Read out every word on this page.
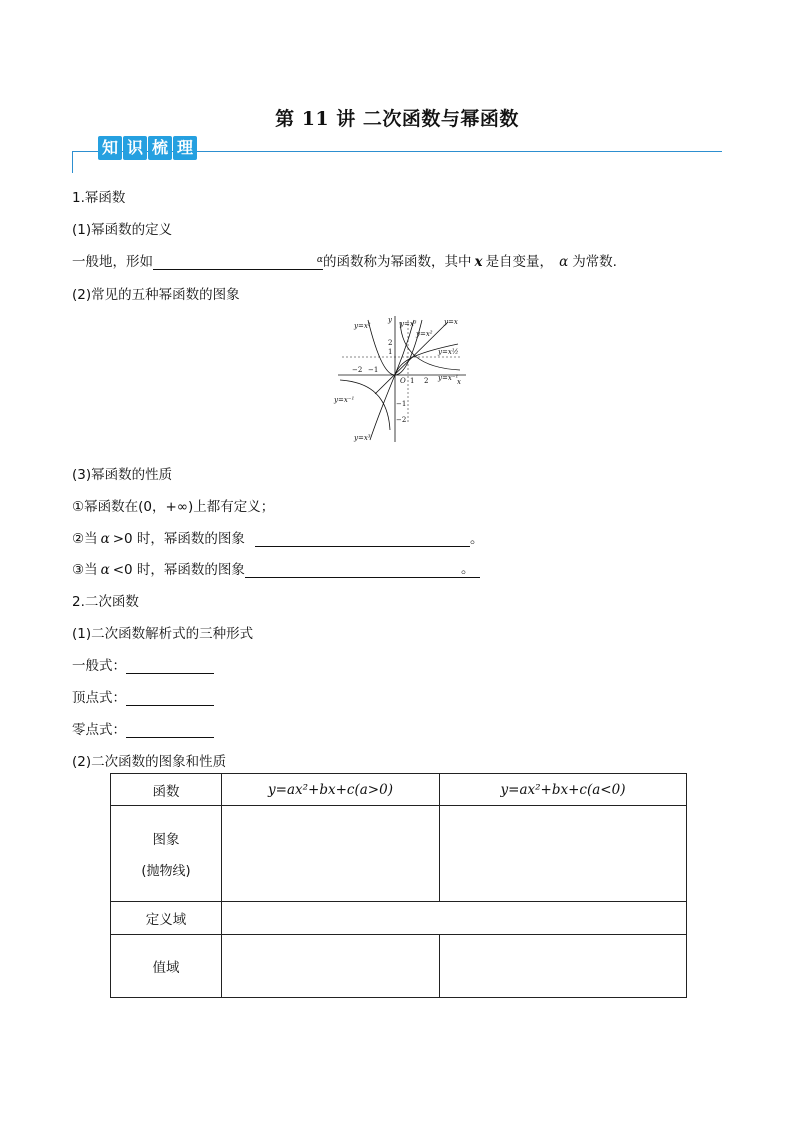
第 11 讲 二次函数与幂函数
知 识 梳 理
1.幂函数
(1)幂函数的定义
一般地，形如	$^\alpha$ 的函数称为幂函数，其中 x 是自变量， α 为常数.
(2)常见的五种幂函数的图象
O	x
y
1 2
−1
−2
1
2
−1
−2
y=x²	y=x³
y=x²
y=x
y=x½
y=x⁻¹
y=x⁻¹
y=x³
(3)幂函数的性质
①幂函数在(0，+∞)上都有定义；
②当 α >0 时，幂函数的图象	。
③当 α <0 时，幂函数的图象	。
2.二次函数
(1)二次函数解析式的三种形式
一般式：
顶点式：
零点式：
(2)二次函数的图象和性质
函数	y=ax²+bx+c(a>0)	y=ax²+bx+c(a<0)

图象
(抛物线)		

定义域		
值域		
